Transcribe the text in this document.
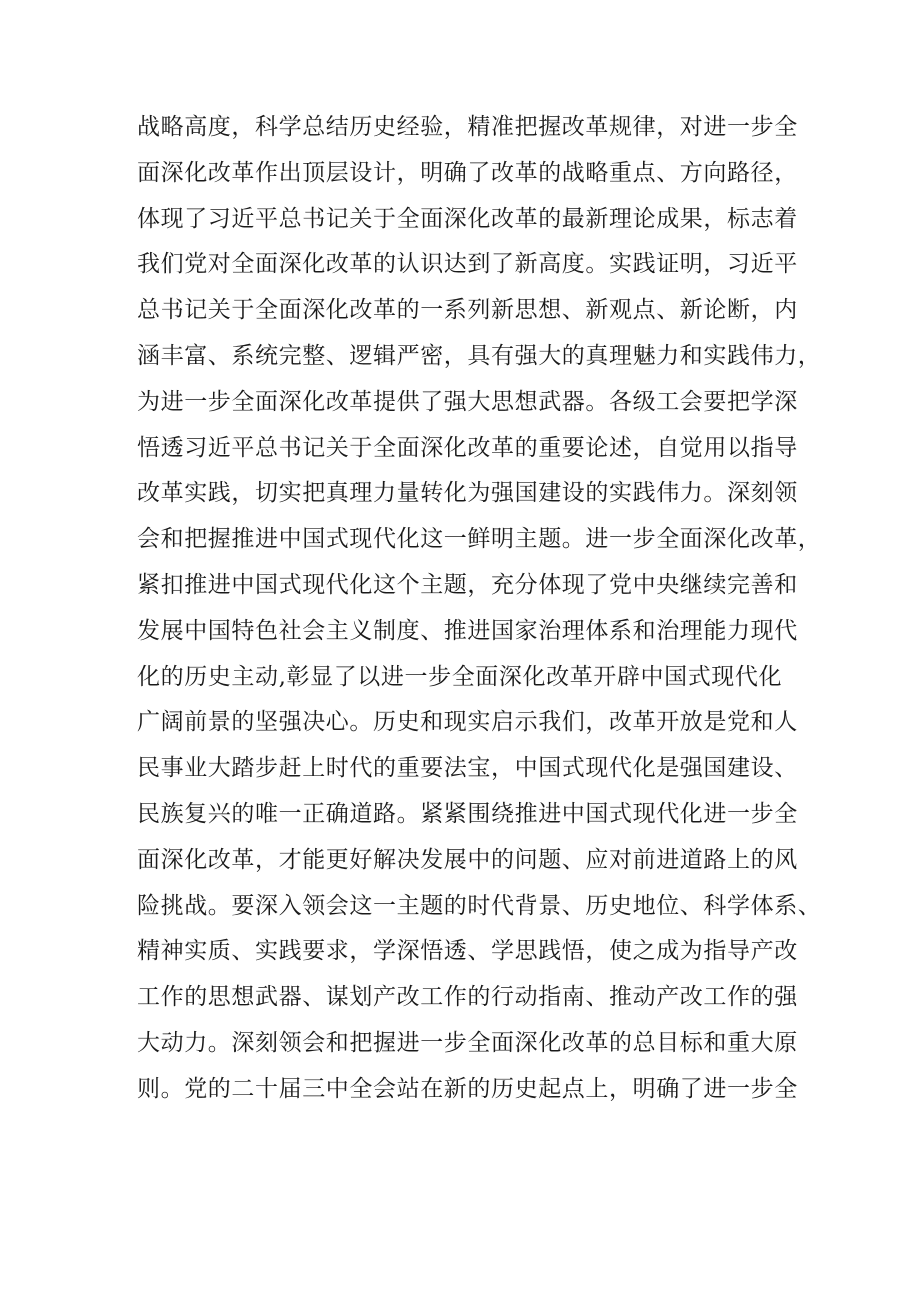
战略高度，科学总结历史经验，精准把握改革规律，对进一步全
面深化改革作出顶层设计，明确了改革的战略重点、方向路径，
体现了习近平总书记关于全面深化改革的最新理论成果，标志着
我们党对全面深化改革的认识达到了新高度。实践证明，习近平
总书记关于全面深化改革的一系列新思想、新观点、新论断，内
涵丰富、系统完整、逻辑严密，具有强大的真理魅力和实践伟力，
为进一步全面深化改革提供了强大思想武器。各级工会要把学深
悟透习近平总书记关于全面深化改革的重要论述，自觉用以指导
改革实践，切实把真理力量转化为强国建设的实践伟力。深刻领
会和把握推进中国式现代化这一鲜明主题。进一步全面深化改革，
紧扣推进中国式现代化这个主题，充分体现了党中央继续完善和
发展中国特色社会主义制度、推进国家治理体系和治理能力现代
化的历史主动,彰显了以进一步全面深化改革开辟中国式现代化
广阔前景的坚强决心。历史和现实启示我们，改革开放是党和人
民事业大踏步赶上时代的重要法宝，中国式现代化是强国建设、
民族复兴的唯一正确道路。紧紧围绕推进中国式现代化进一步全
面深化改革，才能更好解决发展中的问题、应对前进道路上的风
险挑战。要深入领会这一主题的时代背景、历史地位、科学体系、
精神实质、实践要求，学深悟透、学思践悟，使之成为指导产改
工作的思想武器、谋划产改工作的行动指南、推动产改工作的强
大动力。深刻领会和把握进一步全面深化改革的总目标和重大原
则。党的二十届三中全会站在新的历史起点上，明确了进一步全
